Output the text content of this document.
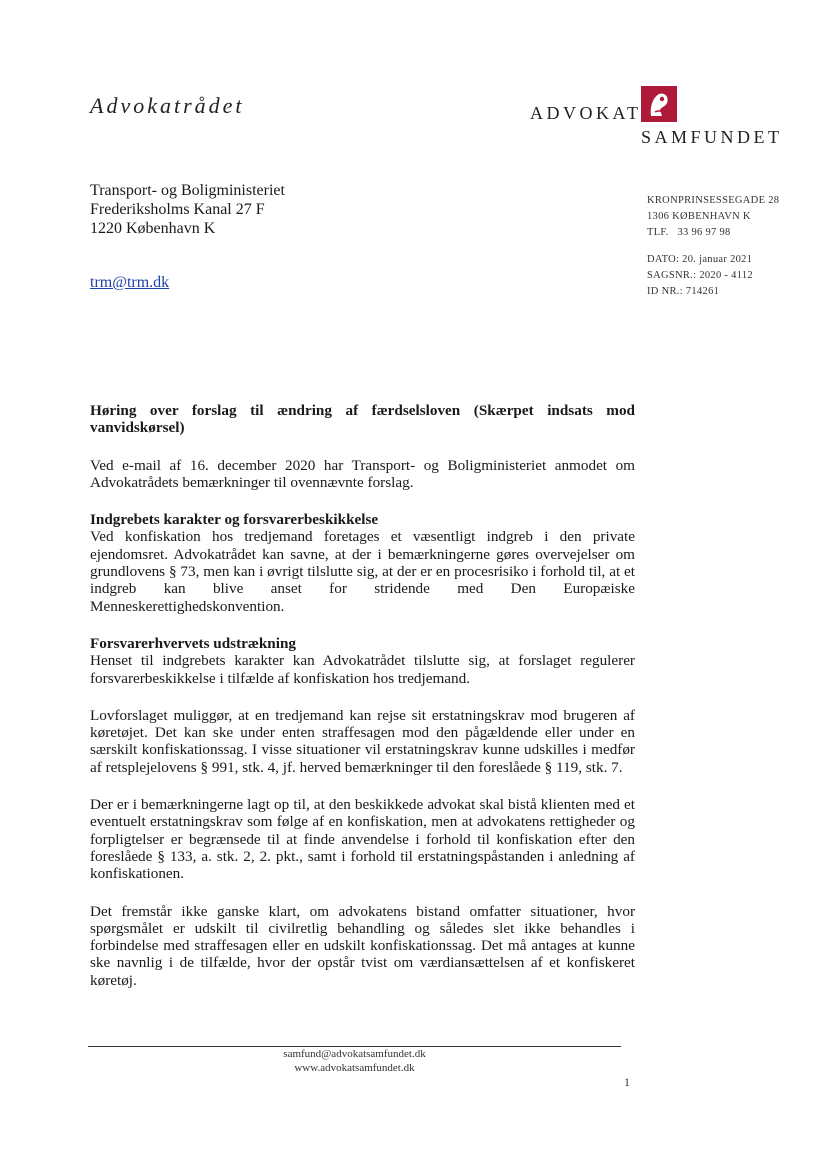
Advokatrådet	ADVOKAT
SAMFUNDET
Transport- og Boligministeriet
Frederiksholms Kanal 27 F
1220 København K
trm@trm.dk
KRONPRINSESSEGADE 28
1306 KØBENHAVN K
TLF. 33 96 97 98
DATO: 20. januar 2021
SAGSNR.: 2020 - 4112
ID NR.: 714261

Høring over forslag til ændring af færdselsloven (Skærpet indsats mod vanvidskørsel)

Ved e-mail af 16. december 2020 har Transport- og Boligministeriet anmodet om Advokatrådets bemærkninger til ovennævnte forslag.

Indgrebets karakter og forsvarerbeskikkelse

Ved konfiskation hos tredjemand foretages et væsentligt indgreb i den private ejendomsret. Advokatrådet kan savne, at der i bemærkningerne gøres overvejelser om grundlovens § 73, men kan i øvrigt tilslutte sig, at der er en procesrisiko i forhold til, at et indgreb kan blive anset for stridende med Den Europæiske Menneskerettighedskonvention.

Forsvarerhvervets udstrækning

Henset til indgrebets karakter kan Advokatrådet tilslutte sig, at forslaget regulerer forsvarerbeskikkelse i tilfælde af konfiskation hos tredjemand.

Lovforslaget muliggør, at en tredjemand kan rejse sit erstatningskrav mod brugeren af køretøjet. Det kan ske under enten straffesagen mod den pågældende eller under en særskilt konfiskationssag. I visse situationer vil erstatningskrav kunne udskilles i medfør af retsplejelovens § 991, stk. 4, jf. herved bemærkninger til den foreslåede § 119, stk. 7.

Der er i bemærkningerne lagt op til, at den beskikkede advokat skal bistå klienten med et eventuelt erstatningskrav som følge af en konfiskation, men at advokatens rettigheder og forpligtelser er begrænsede til at finde anvendelse i forhold til konfiskation efter den foreslåede § 133, a. stk. 2, 2. pkt., samt i forhold til erstatningspåstanden i anledning af konfiskationen.

Det fremstår ikke ganske klart, om advokatens bistand omfatter situationer, hvor spørgsmålet er udskilt til civilretlig behandling og således slet ikke behandles i forbindelse med straffesagen eller en udskilt konfiskationssag. Det må antages at kunne ske navnlig i de tilfælde, hvor der opstår tvist om værdiansættelsen af et konfiskeret køretøj.

samfund@advokatsamfundet.dk
www.advokatsamfundet.dk
1
